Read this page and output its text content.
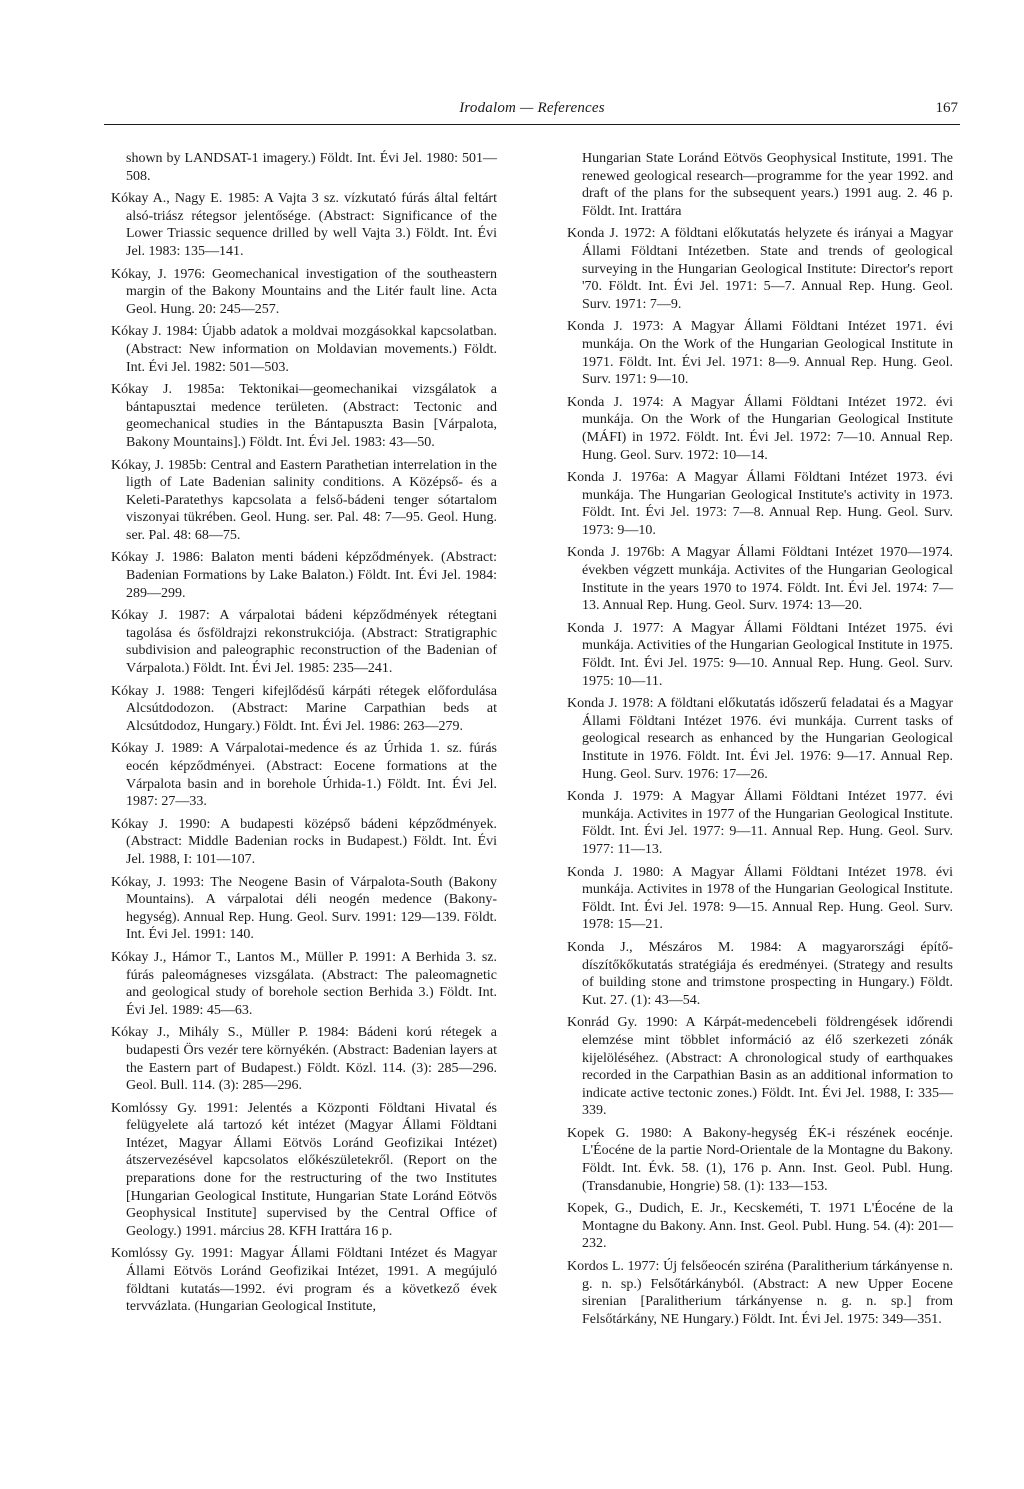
Irodalom — References	167

shown by LANDSAT-1 imagery.) Földt. Int. Évi Jel. 1980: 501—508.

Kókay A., Nagy E. 1985: A Vajta 3 sz. vízkutató fúrás által feltárt alsó-triász rétegsor jelentősége. (Abstract: Significance of the Lower Triassic sequence drilled by well Vajta 3.) Földt. Int. Évi Jel. 1983: 135—141.

Kókay, J. 1976: Geomechanical investigation of the southeastern margin of the Bakony Mountains and the Litér fault line. Acta Geol. Hung. 20: 245—257.

Kókay J. 1984: Újabb adatok a moldvai mozgásokkal kapcsolatban. (Abstract: New information on Moldavian movements.) Földt. Int. Évi Jel. 1982: 501—503.

Kókay J. 1985a: Tektonikai—geomechanikai vizsgálatok a bántapusztai medence területen. (Abstract: Tectonic and geomechanical studies in the Bántapuszta Basin [Várpalota, Bakony Mountains].) Földt. Int. Évi Jel. 1983: 43—50.

Kókay, J. 1985b: Central and Eastern Parathetian interrelation in the ligth of Late Badenian salinity conditions. A Középső- és a Keleti-Paratethys kapcsolata a felső-bádeni tenger sótartalom viszonyai tükrében. Geol. Hung. ser. Pal. 48: 7—95. Geol. Hung. ser. Pal. 48: 68—75.

Kókay J. 1986: Balaton menti bádeni képződmények. (Abstract: Badenian Formations by Lake Balaton.) Földt. Int. Évi Jel. 1984: 289—299.

Kókay J. 1987: A várpalotai bádeni képződmények rétegtani tagolása és ősföldrajzi rekonstrukciója. (Abstract: Stratigraphic subdivision and paleographic reconstruction of the Badenian of Várpalota.) Földt. Int. Évi Jel. 1985: 235—241.

Kókay J. 1988: Tengeri kifejlődésű kárpáti rétegek előfordulása Alcsútdodozon. (Abstract: Marine Carpathian beds at Alcsútdodoz, Hungary.) Földt. Int. Évi Jel. 1986: 263—279.

Kókay J. 1989: A Várpalotai-medence és az Úrhida 1. sz. fúrás eocén képződményei. (Abstract: Eocene formations at the Várpalota basin and in borehole Úrhida-1.) Földt. Int. Évi Jel. 1987: 27—33.

Kókay J. 1990: A budapesti középső bádeni képződmények. (Abstract: Middle Badenian rocks in Budapest.) Földt. Int. Évi Jel. 1988, I: 101—107.

Kókay, J. 1993: The Neogene Basin of Várpalota-South (Bakony Mountains). A várpalotai déli neogén medence (Bakony-hegység). Annual Rep. Hung. Geol. Surv. 1991: 129—139. Földt. Int. Évi Jel. 1991: 140.

Kókay J., Hámor T., Lantos M., Müller P. 1991: A Berhida 3. sz. fúrás paleomágneses vizsgálata. (Abstract: The paleomagnetic and geological study of borehole section Berhida 3.) Földt. Int. Évi Jel. 1989: 45—63.

Kókay J., Mihály S., Müller P. 1984: Bádeni korú rétegek a budapesti Örs vezér tere környékén. (Abstract: Badenian layers at the Eastern part of Budapest.) Földt. Közl. 114. (3): 285—296. Geol. Bull. 114. (3): 285—296.

Komlóssy Gy. 1991: Jelentés a Központi Földtani Hivatal és felügyelete alá tartozó két intézet (Magyar Állami Földtani Intézet, Magyar Állami Eötvös Loránd Geofizikai Intézet) átszervezésével kapcsolatos előkészületekről. (Report on the preparations done for the restructuring of the two Institutes [Hungarian Geological Institute, Hungarian State Loránd Eötvös Geophysical Institute] supervised by the Central Office of Geology.) 1991. március 28. KFH Irattára 16 p.

Komlóssy Gy. 1991: Magyar Állami Földtani Intézet és Magyar Állami Eötvös Loránd Geofizikai Intézet, 1991. A megújuló földtani kutatás—1992. évi program és a következő évek tervvázlata. (Hungarian Geological Institute,

Hungarian State Loránd Eötvös Geophysical Institute, 1991. The renewed geological research—programme for the year 1992. and draft of the plans for the subsequent years.) 1991 aug. 2. 46 p. Földt. Int. Irattára

Konda J. 1972: A földtani előkutatás helyzete és irányai a Magyar Állami Földtani Intézetben. State and trends of geological surveying in the Hungarian Geological Institute: Director's report '70. Földt. Int. Évi Jel. 1971: 5—7. Annual Rep. Hung. Geol. Surv. 1971: 7—9.

Konda J. 1973: A Magyar Állami Földtani Intézet 1971. évi munkája. On the Work of the Hungarian Geological Institute in 1971. Földt. Int. Évi Jel. 1971: 8—9. Annual Rep. Hung. Geol. Surv. 1971: 9—10.

Konda J. 1974: A Magyar Állami Földtani Intézet 1972. évi munkája. On the Work of the Hungarian Geological Institute (MÁFI) in 1972. Földt. Int. Évi Jel. 1972: 7—10. Annual Rep. Hung. Geol. Surv. 1972: 10—14.

Konda J. 1976a: A Magyar Állami Földtani Intézet 1973. évi munkája. The Hungarian Geological Institute's activity in 1973. Földt. Int. Évi Jel. 1973: 7—8. Annual Rep. Hung. Geol. Surv. 1973: 9—10.

Konda J. 1976b: A Magyar Állami Földtani Intézet 1970—1974. években végzett munkája. Activites of the Hungarian Geological Institute in the years 1970 to 1974. Földt. Int. Évi Jel. 1974: 7—13. Annual Rep. Hung. Geol. Surv. 1974: 13—20.

Konda J. 1977: A Magyar Állami Földtani Intézet 1975. évi munkája. Activities of the Hungarian Geological Institute in 1975. Földt. Int. Évi Jel. 1975: 9—10. Annual Rep. Hung. Geol. Surv. 1975: 10—11.

Konda J. 1978: A földtani előkutatás időszerű feladatai és a Magyar Állami Földtani Intézet 1976. évi munkája. Current tasks of geological research as enhanced by the Hungarian Geological Institute in 1976. Földt. Int. Évi Jel. 1976: 9—17. Annual Rep. Hung. Geol. Surv. 1976: 17—26.

Konda J. 1979: A Magyar Állami Földtani Intézet 1977. évi munkája. Activites in 1977 of the Hungarian Geological Institute. Földt. Int. Évi Jel. 1977: 9—11. Annual Rep. Hung. Geol. Surv. 1977: 11—13.

Konda J. 1980: A Magyar Állami Földtani Intézet 1978. évi munkája. Activites in 1978 of the Hungarian Geological Institute. Földt. Int. Évi Jel. 1978: 9—15. Annual Rep. Hung. Geol. Surv. 1978: 15—21.

Konda J., Mészáros M. 1984: A magyarországi építő-díszítőkőkutatás stratégiája és eredményei. (Strategy and results of building stone and trimstone prospecting in Hungary.) Földt. Kut. 27. (1): 43—54.

Konrád Gy. 1990: A Kárpát-medencebeli földrengések időrendi elemzése mint többlet információ az élő szerkezeti zónák kijelöléséhez. (Abstract: A chronological study of earthquakes recorded in the Carpathian Basin as an additional information to indicate active tectonic zones.) Földt. Int. Évi Jel. 1988, I: 335—339.

Kopek G. 1980: A Bakony-hegység ÉK-i részének eocénje. L'Éocéne de la partie Nord-Orientale de la Montagne du Bakony. Földt. Int. Évk. 58. (1), 176 p. Ann. Inst. Geol. Publ. Hung. (Transdanubie, Hongrie) 58. (1): 133—153.

Kopek, G., Dudich, E. Jr., Kecskeméti, T. 1971 L'Éocéne de la Montagne du Bakony. Ann. Inst. Geol. Publ. Hung. 54. (4): 201—232.

Kordos L. 1977: Új felsőeocén sziréna (Paralitherium tárkányense n. g. n. sp.) Felsőtárkányból. (Abstract: A new Upper Eocene sirenian [Paralitherium tárkányense n. g. n. sp.] from Felsőtárkány, NE Hungary.) Földt. Int. Évi Jel. 1975: 349—351.
